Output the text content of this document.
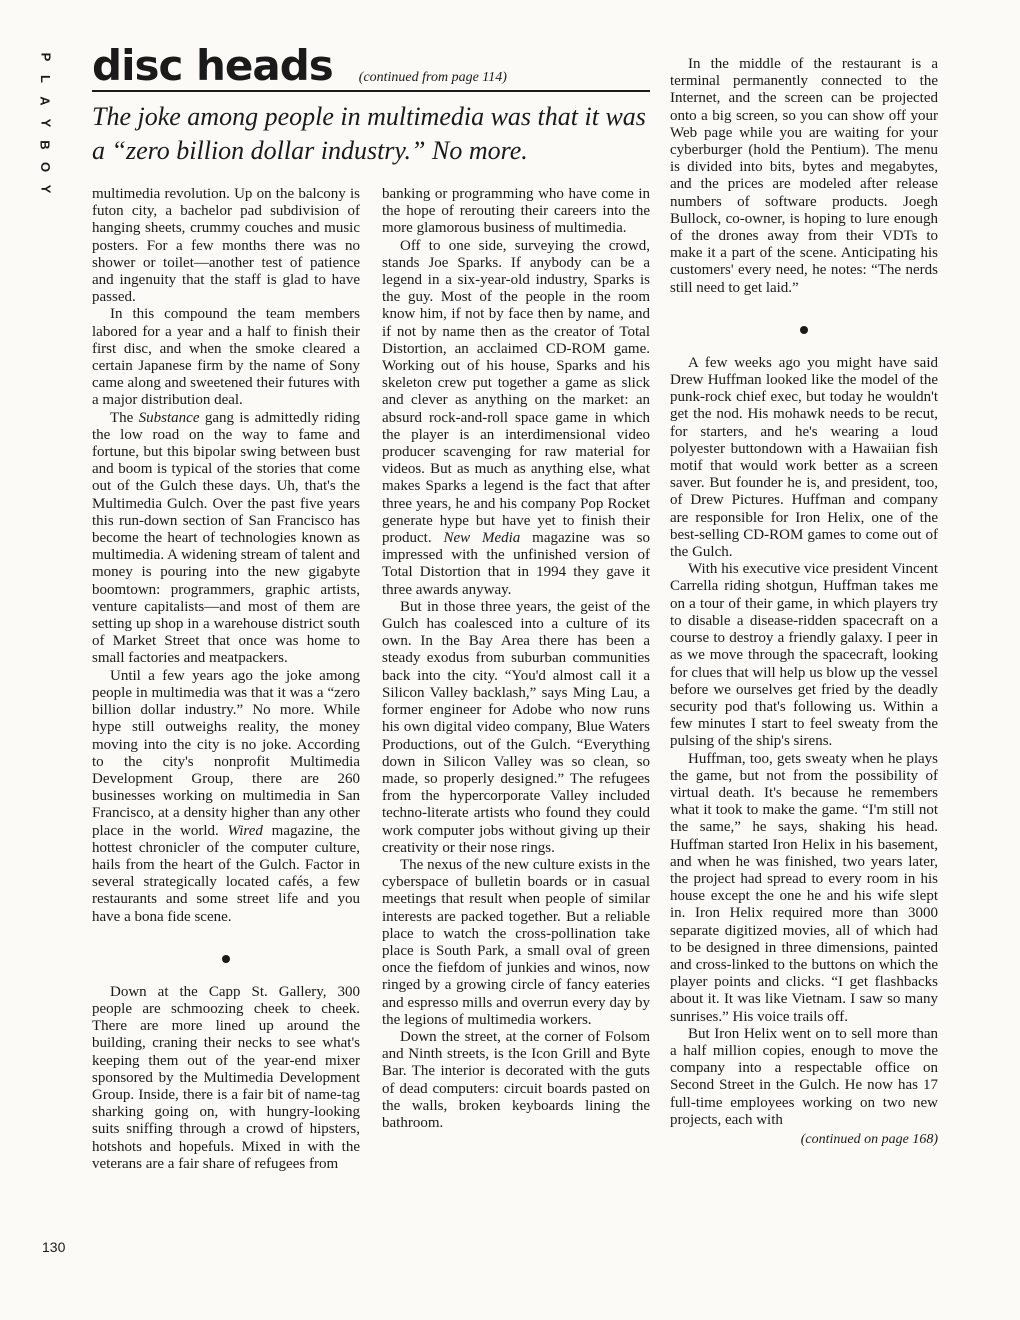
P
L
A
Y
B
O
Y
disc heads (continued from page 114)
The joke among people in multimedia was that it was a “zero billion dollar industry.” No more.

multimedia revolution. Up on the balcony is futon city, a bachelor pad subdivision of hanging sheets, crummy couches and music posters. For a few months there was no shower or toilet—another test of patience and ingenuity that the staff is glad to have passed.

In this compound the team members labored for a year and a half to finish their first disc, and when the smoke cleared a certain Japanese firm by the name of Sony came along and sweetened their futures with a major distribution deal.

The Substance gang is admittedly riding the low road on the way to fame and fortune, but this bipolar swing between bust and boom is typical of the stories that come out of the Gulch these days. Uh, that's the Multimedia Gulch. Over the past five years this run-down section of San Francisco has become the heart of technologies known as multimedia. A widening stream of talent and money is pouring into the new gigabyte boomtown: programmers, graphic artists, venture capitalists—and most of them are setting up shop in a warehouse district south of Market Street that once was home to small factories and meatpackers.

Until a few years ago the joke among people in multimedia was that it was a “zero billion dollar industry.” No more. While hype still outweighs reality, the money moving into the city is no joke. According to the city's nonprofit Multimedia Development Group, there are 260 businesses working on multimedia in San Francisco, at a density higher than any other place in the world. Wired magazine, the hottest chronicler of the computer culture, hails from the heart of the Gulch. Factor in several strategically located cafés, a few restaurants and some street life and you have a bona fide scene.

Down at the Capp St. Gallery, 300 people are schmoozing cheek to cheek. There are more lined up around the building, craning their necks to see what's keeping them out of the year-end mixer sponsored by the Multimedia Development Group. Inside, there is a fair bit of name-tag sharking going on, with hungry-looking suits sniffing through a crowd of hipsters, hotshots and hopefuls. Mixed in with the veterans are a fair share of refugees from

banking or programming who have come in the hope of rerouting their careers into the more glamorous business of multimedia.

Off to one side, surveying the crowd, stands Joe Sparks. If anybody can be a legend in a six-year-old industry, Sparks is the guy. Most of the people in the room know him, if not by face then by name, and if not by name then as the creator of Total Distortion, an acclaimed CD-ROM game. Working out of his house, Sparks and his skeleton crew put together a game as slick and clever as anything on the market: an absurd rock-and-roll space game in which the player is an interdimensional video producer scavenging for raw material for videos. But as much as anything else, what makes Sparks a legend is the fact that after three years, he and his company Pop Rocket generate hype but have yet to finish their product. New Media magazine was so impressed with the unfinished version of Total Distortion that in 1994 they gave it three awards anyway.

But in those three years, the geist of the Gulch has coalesced into a culture of its own. In the Bay Area there has been a steady exodus from suburban communities back into the city. “You'd almost call it a Silicon Valley backlash,” says Ming Lau, a former engineer for Adobe who now runs his own digital video company, Blue Waters Productions, out of the Gulch. “Everything down in Silicon Valley was so clean, so made, so properly designed.” The refugees from the hypercorporate Valley included techno-literate artists who found they could work computer jobs without giving up their creativity or their nose rings.

The nexus of the new culture exists in the cyberspace of bulletin boards or in casual meetings that result when people of similar interests are packed together. But a reliable place to watch the cross-pollination take place is South Park, a small oval of green once the fiefdom of junkies and winos, now ringed by a growing circle of fancy eateries and espresso mills and overrun every day by the legions of multimedia workers.

Down the street, at the corner of Folsom and Ninth streets, is the Icon Grill and Byte Bar. The interior is decorated with the guts of dead computers: circuit boards pasted on the walls, broken keyboards lining the bathroom.

In the middle of the restaurant is a terminal permanently connected to the Internet, and the screen can be projected onto a big screen, so you can show off your Web page while you are waiting for your cyberburger (hold the Pentium). The menu is divided into bits, bytes and megabytes, and the prices are modeled after release numbers of software products. Joegh Bullock, co-owner, is hoping to lure enough of the drones away from their VDTs to make it a part of the scene. Anticipating his customers' every need, he notes: “The nerds still need to get laid.”

A few weeks ago you might have said Drew Huffman looked like the model of the punk-rock chief exec, but today he wouldn't get the nod. His mohawk needs to be recut, for starters, and he's wearing a loud polyester buttondown with a Hawaiian fish motif that would work better as a screen saver. But founder he is, and president, too, of Drew Pictures. Huffman and company are responsible for Iron Helix, one of the best-selling CD-ROM games to come out of the Gulch.

With his executive vice president Vincent Carrella riding shotgun, Huffman takes me on a tour of their game, in which players try to disable a disease-ridden spacecraft on a course to destroy a friendly galaxy. I peer in as we move through the spacecraft, looking for clues that will help us blow up the vessel before we ourselves get fried by the deadly security pod that's following us. Within a few minutes I start to feel sweaty from the pulsing of the ship's sirens.

Huffman, too, gets sweaty when he plays the game, but not from the possibility of virtual death. It's because he remembers what it took to make the game. “I'm still not the same,” he says, shaking his head. Huffman started Iron Helix in his basement, and when he was finished, two years later, the project had spread to every room in his house except the one he and his wife slept in. Iron Helix required more than 3000 separate digitized movies, all of which had to be designed in three dimensions, painted and cross-linked to the buttons on which the player points and clicks. “I get flashbacks about it. It was like Vietnam. I saw so many sunrises.” His voice trails off.

But Iron Helix went on to sell more than a half million copies, enough to move the company into a respectable office on Second Street in the Gulch. He now has 17 full-time employees working on two new projects, each with

(continued on page 168)
130
